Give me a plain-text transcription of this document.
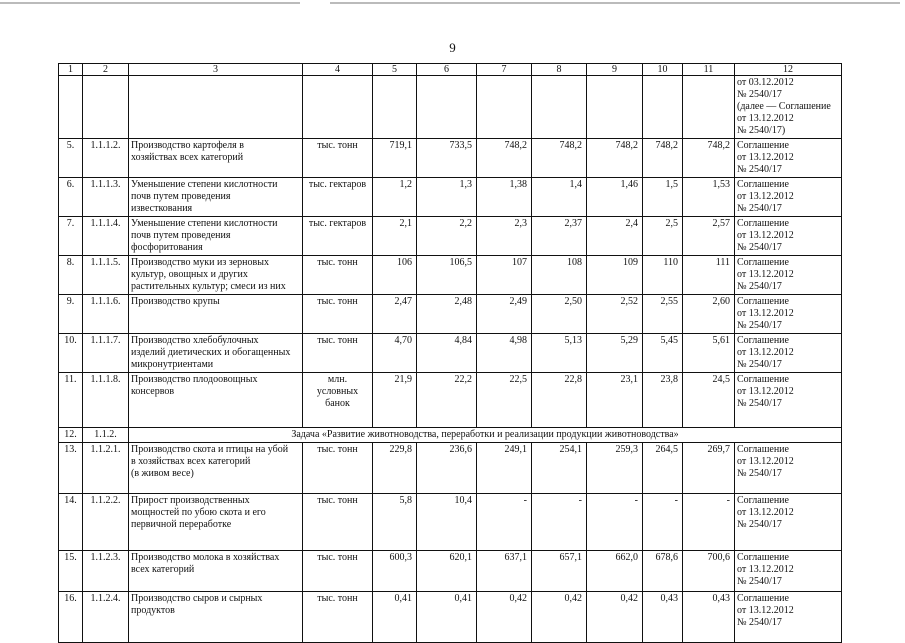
9
1	2	3	4	5	6	7	8	9	10	11	12
											от 03.12.2012
№ 2540/17
(далее — Соглашение
от 13.12.2012
№ 2540/17)
5.	1.1.1.2.	Производство картофеля в
хозяйствах всех категорий	тыс. тонн	719,1	733,5	748,2	748,2	748,2	748,2	748,2	Соглашение
от 13.12.2012
№ 2540/17
6.	1.1.1.3.	Уменьшение степени кислотности
почв путем проведения
известкования	тыс. гектаров	1,2	1,3	1,38	1,4	1,46	1,5	1,53	Соглашение
от 13.12.2012
№ 2540/17
7.	1.1.1.4.	Уменьшение степени кислотности
почв путем проведения
фосфоритования	тыс. гектаров	2,1	2,2	2,3	2,37	2,4	2,5	2,57	Соглашение
от 13.12.2012
№ 2540/17
8.	1.1.1.5.	Производство муки из зерновых
культур, овощных и других
растительных культур; смеси из них	тыс. тонн	106	106,5	107	108	109	110	111	Соглашение
от 13.12.2012
№ 2540/17
9.	1.1.1.6.	Производство крупы	тыс. тонн	2,47	2,48	2,49	2,50	2,52	2,55	2,60	Соглашение
от 13.12.2012
№ 2540/17
10.	1.1.1.7.	Производство хлебобулочных
изделий диетических и обогащенных
микронутриентами	тыс. тонн	4,70	4,84	4,98	5,13	5,29	5,45	5,61	Соглашение
от 13.12.2012
№ 2540/17
11.	1.1.1.8.	Производство плодоовощных
консервов	млн.
условных
банок	21,9	22,2	22,5	22,8	23,1	23,8	24,5	Соглашение
от 13.12.2012
№ 2540/17
12.	1.1.2.	Задача «Развитие животноводства, переработки и реализации продукции животноводства»									
13.	1.1.2.1.	Производство скота и птицы на убой
в хозяйствах всех категорий
(в живом весе)	тыс. тонн	229,8	236,6	249,1	254,1	259,3	264,5	269,7	Соглашение
от 13.12.2012
№ 2540/17
14.	1.1.2.2.	Прирост производственных
мощностей по убою скота и его
первичной переработке	тыс. тонн	5,8	10,4	-	-	-	-	-	Соглашение
от 13.12.2012
№ 2540/17
15.	1.1.2.3.	Производство молока в хозяйствах
всех категорий	тыс. тонн	600,3	620,1	637,1	657,1	662,0	678,6	700,6	Соглашение
от 13.12.2012
№ 2540/17
16.	1.1.2.4.	Производство сыров и сырных
продуктов	тыс. тонн	0,41	0,41	0,42	0,42	0,42	0,43	0,43	Соглашение
от 13.12.2012
№ 2540/17
